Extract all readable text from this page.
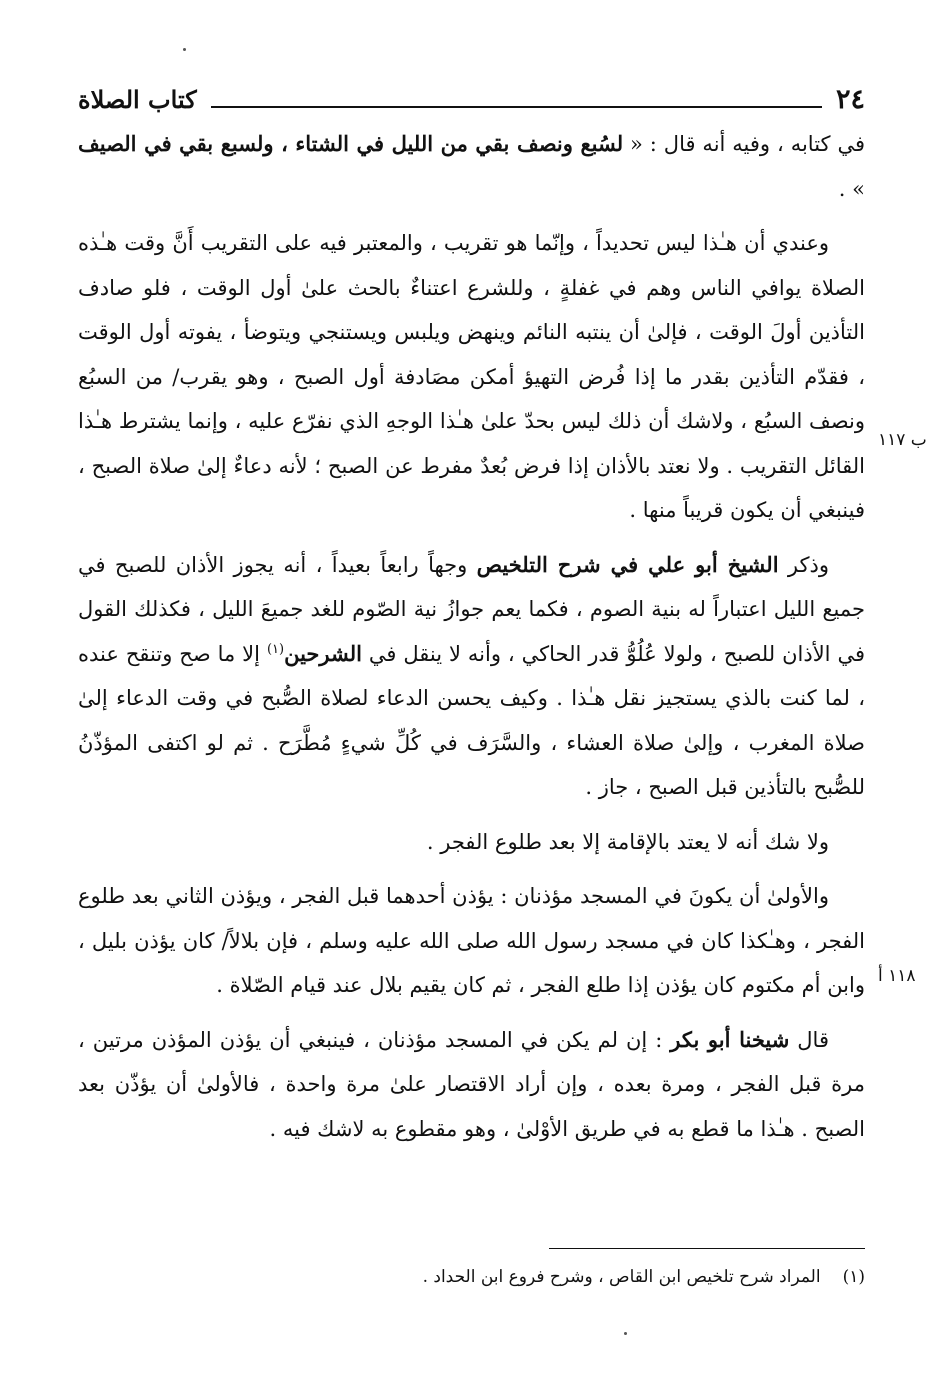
٢٤
كتاب الصلاة

في كتابه ، وفيه أنه قال : « لسُبع ونصف بقي من الليل في الشتاء ، ولسبع بقي في الصيف » .

وعندي أن هـٰذا ليس تحديداً ، وإنّما هو تقريب ، والمعتبر فيه على التقريب أَنَّ وقت هـٰذه الصلاة يوافي الناس وهم في غفلةٍ ، وللشرع اعتناءٌ بالحث علىٰ أول الوقت ، فلو صادف التأذين أولَ الوقت ، فإلىٰ أن ينتبه النائم وينهض ويلبس ويستنجي ويتوضأ ، يفوته أول الوقت ، فقدّم التأذين بقدر ما إذا فُرض التهيؤ أمكن مصَادفة أول الصبح ، وهو يقرب/ من السبُع ونصف السبُع ، ولاشك أن ذلك ليس بحدّ علىٰ هـٰذا الوجهِ الذي نفرّع عليه ، وإنما يشترط هـٰذا القائل التقريب . ولا نعتد بالأذان إذا فرض بُعدٌ مفرط عن الصبح ؛ لأنه دعاءٌ إلىٰ صلاة الصبح ، فينبغي أن يكون قريباً منها .

وذكر الشيخ أبو علي في شرح التلخيص وجهاً رابعاً بعيداً ، أنه يجوز الأذان للصبح في جميع الليل اعتباراً له بنية الصوم ، فكما يعم جوازُ نية الصّوم للغد جميعَ الليل ، فكذلك القول في الأذان للصبح ، ولولا عُلُوُّ قدر الحاكي ، وأنه لا ينقل في الشرحين$^{(١)}$ إلا ما صح وتنقح عنده ، لما كنت بالذي يستجيز نقل هـٰذا . وكيف يحسن الدعاء لصلاة الصُّبح في وقت الدعاء إلىٰ صلاة المغرب ، وإلىٰ صلاة العشاء ، والسَّرَف في كُلِّ شيءٍ مُطَّرَح . ثم لو اكتفى المؤذّنُ للصُّبح بالتأذين قبل الصبح ، جاز .

ولا شك أنه لا يعتد بالإقامة إلا بعد طلوع الفجر .

والأولىٰ أن يكونَ في المسجد مؤذنان : يؤذن أحدهما قبل الفجر ، ويؤذن الثاني بعد طلوع الفجر ، وهـٰكذا كان في مسجد رسول الله صلى الله عليه وسلم ، فإن بلالاً/ كان يؤذن بليل ، وابن أم مكتوم كان يؤذن إذا طلع الفجر ، ثم كان يقيم بلال عند قيام الصّلاة .

قال شيخنا أبو بكر : إن لم يكن في المسجد مؤذنان ، فينبغي أن يؤذن المؤذن مرتين ، مرة قبل الفجر ، ومرة بعده ، وإن أراد الاقتصار علىٰ مرة واحدة ، فالأولىٰ أن يؤذّن بعد الصبح . هـٰذا ما قطع به في طريق الأوْلىٰ ، وهو مقطوع به لاشك فيه .

ب ١١٧
١١٨ أ
(١)المراد شرح تلخيص ابن القاص ، وشرح فروع ابن الحداد .
